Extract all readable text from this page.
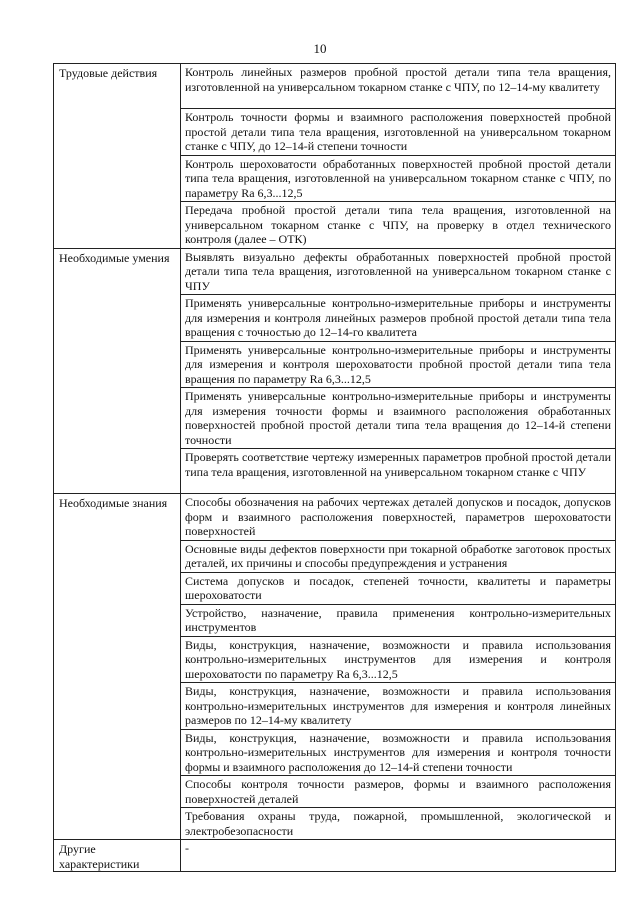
10
Трудовые действия	Контроль линейных размеров пробной простой детали типа тела вращения, изготовленной на универсальном токарном станке с ЧПУ, по 12–14-му квалитету
	Контроль точности формы и взаимного расположения поверхностей пробной простой детали типа тела вращения, изготовленной на универсальном токарном станке с ЧПУ, до 12–14-й степени точности
	Контроль шероховатости обработанных поверхностей пробной простой детали типа тела вращения, изготовленной на универсальном токарном станке с ЧПУ, по параметру Ra 6,3...12,5
	Передача пробной простой детали типа тела вращения, изготовленной на универсальном токарном станке с ЧПУ, на проверку в отдел технического контроля (далее – ОТК)
Необходимые умения	Выявлять визуально дефекты обработанных поверхностей пробной простой детали типа тела вращения, изготовленной на универсальном токарном станке с ЧПУ
	Применять универсальные контрольно-измерительные приборы и инструменты для измерения и контроля линейных размеров пробной простой детали типа тела вращения с точностью до 12–14-го квалитета
	Применять универсальные контрольно-измерительные приборы и инструменты для измерения и контроля шероховатости пробной простой детали типа тела вращения по параметру Ra 6,3...12,5
	Применять универсальные контрольно-измерительные приборы и инструменты для измерения точности формы и взаимного расположения обработанных поверхностей пробной простой детали типа тела вращения до 12–14-й степени точности
	Проверять соответствие чертежу измеренных параметров пробной простой детали типа тела вращения, изготовленной на универсальном токарном станке с ЧПУ
Необходимые знания	Способы обозначения на рабочих чертежах деталей допусков и посадок, допусков форм и взаимного расположения поверхностей, параметров шероховатости поверхностей
	Основные виды дефектов поверхности при токарной обработке заготовок простых деталей, их причины и способы предупреждения и устранения
	Система допусков и посадок, степеней точности, квалитеты и параметры шероховатости
	Устройство, назначение, правила применения контрольно-измерительных инструментов
	Виды, конструкция, назначение, возможности и правила использования контрольно-измерительных инструментов для измерения и контроля шероховатости по параметру Ra 6,3...12,5
	Виды, конструкция, назначение, возможности и правила использования контрольно-измерительных инструментов для измерения и контроля линейных размеров по 12–14-му квалитету
	Виды, конструкция, назначение, возможности и правила использования контрольно-измерительных инструментов для измерения и контроля точности формы и взаимного расположения до 12–14-й степени точности
	Способы контроля точности размеров, формы и взаимного расположения поверхностей деталей
	Требования охраны труда, пожарной, промышленной, экологической и электробезопасности
Другие характеристики	-
